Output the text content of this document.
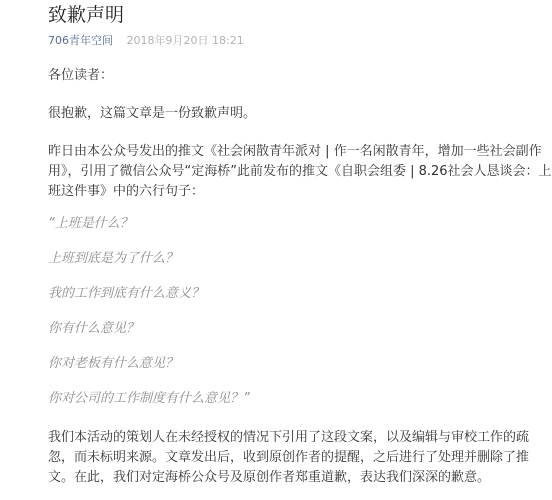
致歉声明
706青年空间 2018年9月20日 18:21

各位读者：

很抱歉，这篇文章是一份致歉声明。

昨日由本公众号发出的推文《社会闲散青年派对 | 作一名闲散青年，增加一些社会副作

用》，引用了微信公众号“定海桥”此前发布的推文《自职会组委 | 8.26社会人恳谈会：上

班这件事》中的六行句子：

“上班是什么？

上班到底是为了什么？

我的工作到底有什么意义？

你有什么意见？

你对老板有什么意见？

你对公司的工作制度有什么意见？”

我们本活动的策划人在未经授权的情况下引用了这段文案，以及编辑与审校工作的疏

忽，而未标明来源。文章发出后，收到原创作者的提醒，之后进行了处理并删除了推

文。在此，我们对定海桥公众号及原创作者郑重道歉，表达我们深深的歉意。
